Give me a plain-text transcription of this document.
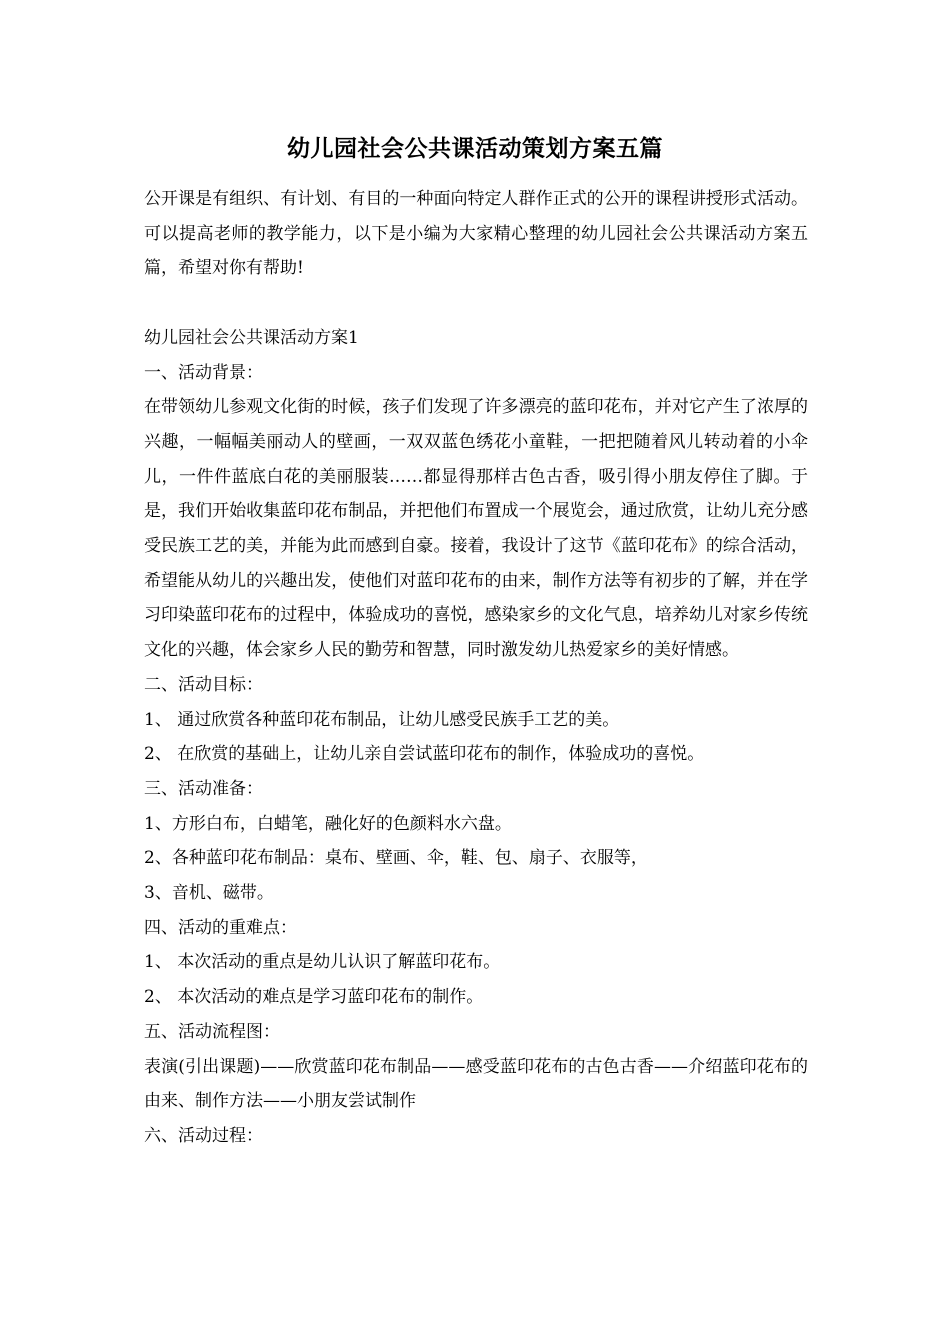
幼儿园社会公共课活动策划方案五篇

公开课是有组织、有计划、有目的一种面向特定人群作正式的公开的课程讲授形式活动。可以提高老师的教学能力，以下是小编为大家精心整理的幼儿园社会公共课活动方案五篇，希望对你有帮助!

幼儿园社会公共课活动方案1

一、活动背景：

在带领幼儿参观文化街的时候，孩子们发现了许多漂亮的蓝印花布，并对它产生了浓厚的兴趣，一幅幅美丽动人的壁画，一双双蓝色绣花小童鞋，一把把随着风儿转动着的小伞儿，一件件蓝底白花的美丽服装……都显得那样古色古香，吸引得小朋友停住了脚。于是，我们开始收集蓝印花布制品，并把他们布置成一个展览会，通过欣赏，让幼儿充分感受民族工艺的美，并能为此而感到自豪。接着，我设计了这节《蓝印花布》的综合活动，希望能从幼儿的兴趣出发，使他们对蓝印花布的由来，制作方法等有初步的了解，并在学习印染蓝印花布的过程中，体验成功的喜悦，感染家乡的文化气息，培养幼儿对家乡传统文化的兴趣，体会家乡人民的勤劳和智慧，同时激发幼儿热爱家乡的美好情感。

二、活动目标：

1、 通过欣赏各种蓝印花布制品，让幼儿感受民族手工艺的美。

2、 在欣赏的基础上，让幼儿亲自尝试蓝印花布的制作，体验成功的喜悦。

三、活动准备：

1、方形白布，白蜡笔，融化好的色颜料水六盘。

2、各种蓝印花布制品：桌布、壁画、伞，鞋、包、扇子、衣服等，

3、音机、磁带。

四、活动的重难点：

1、 本次活动的重点是幼儿认识了解蓝印花布。

2、 本次活动的难点是学习蓝印花布的制作。

五、活动流程图：

表演(引出课题)——欣赏蓝印花布制品——感受蓝印花布的古色古香——介绍蓝印花布的由来、制作方法——小朋友尝试制作

六、活动过程：
